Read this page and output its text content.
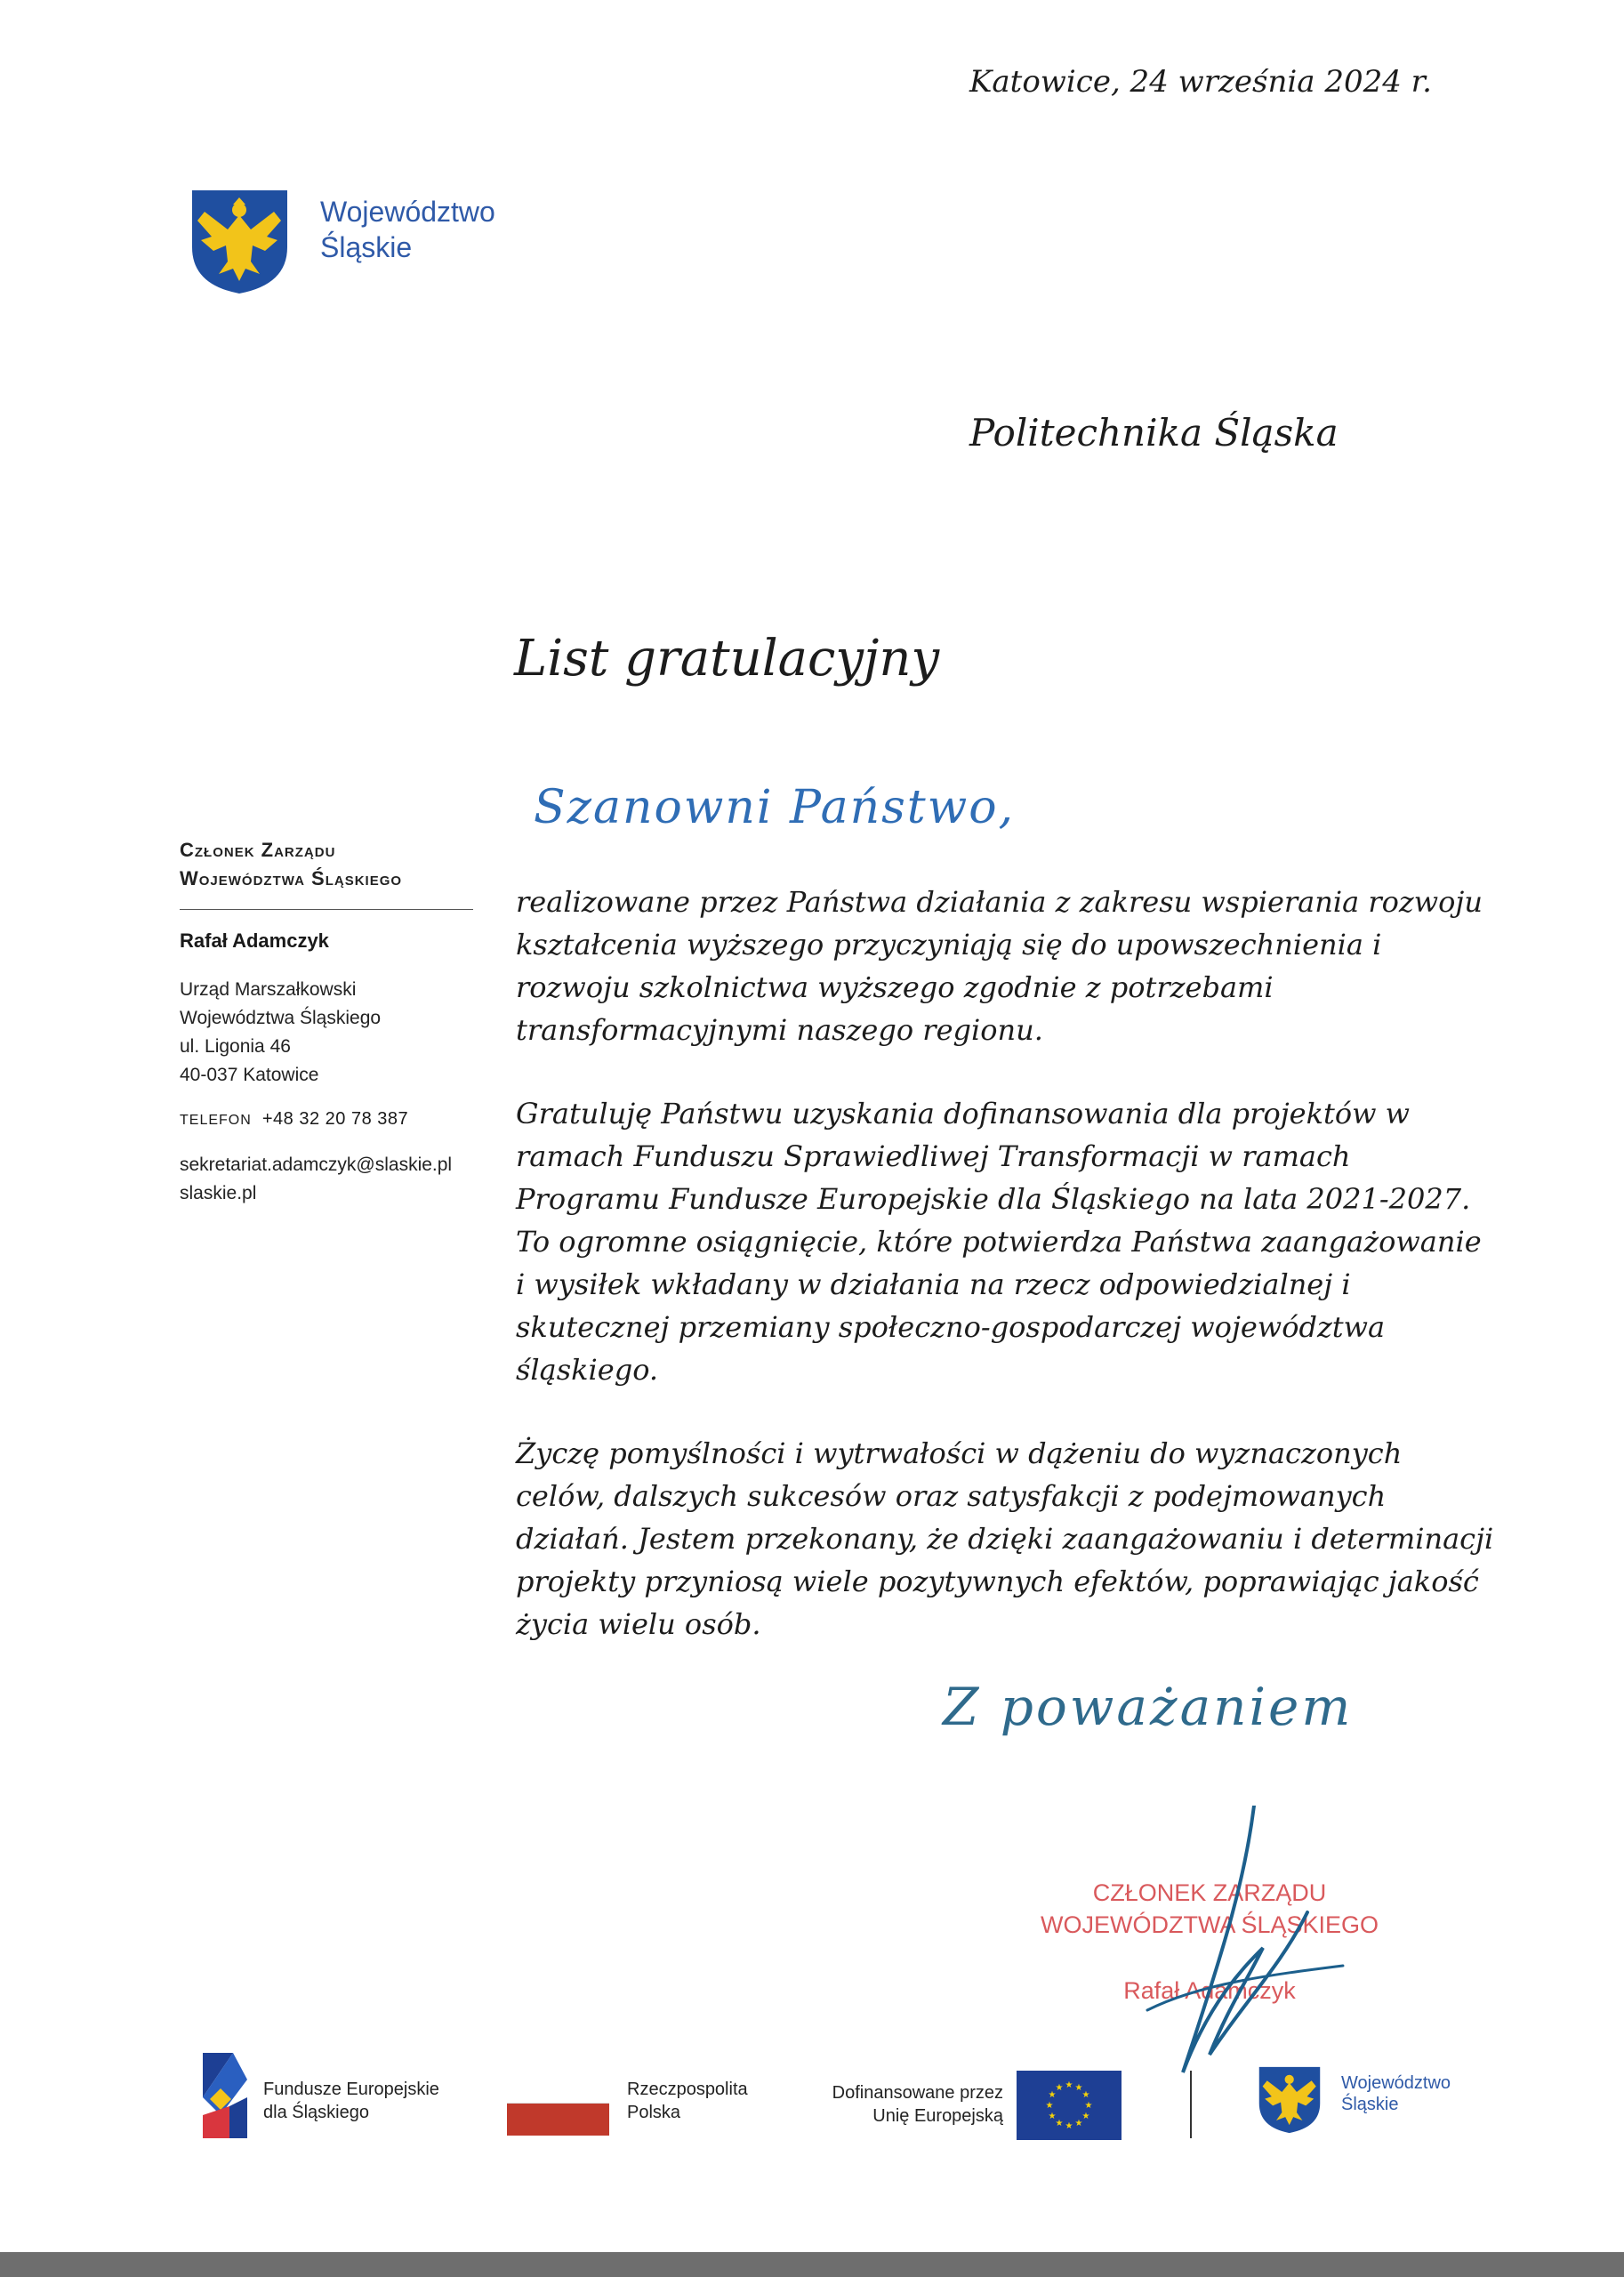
Katowice, 24 września 2024 r.
Województwo
Śląskie
Politechnika Śląska
List gratulacyjny
Szanowni Państwo,
Członek Zarządu
Województwa Śląskiego
Rafał Adamczyk
Urząd Marszałkowski
Województwa Śląskiego
ul. Ligonia 46
40-037 Katowice
TELEFON +48 32 20 78 387
sekretariat.adamczyk@slaskie.pl
slaskie.pl

realizowane przez Państwa działania z zakresu wspierania rozwoju kształcenia wyższego przyczyniają się do upowszechnienia i rozwoju szkolnictwa wyższego zgodnie z potrzebami transformacyjnymi naszego regionu.

Gratuluję Państwu uzyskania dofinansowania dla projektów w ramach Funduszu Sprawiedliwej Transformacji w ramach Programu Fundusze Europejskie dla Śląskiego na lata 2021-2027. To ogromne osiągnięcie, które potwierdza Państwa zaangażowanie i wysiłek wkładany w działania na rzecz odpowiedzialnej i skutecznej przemiany społeczno-gospodarczej województwa śląskiego.

Życzę pomyślności i wytrwałości w dążeniu do wyznaczonych celów, dalszych sukcesów oraz satysfakcji z podejmowanych działań. Jestem przekonany, że dzięki zaangażowaniu i determinacji projekty przyniosą wiele pozytywnych efektów, poprawiając jakość życia wielu osób.

Z poważaniem
CZŁONEK ZARZĄDU
WOJEWÓDZTWA ŚLĄSKIEGO
Rafał Adamczyk
Fundusze Europejskie
dla Śląskiego
Rzeczpospolita
Polska
Dofinansowane przez
Unię Europejską
★ ★
★
★
★
★
★
★
★
★
★
★	Województwo
Śląskie
